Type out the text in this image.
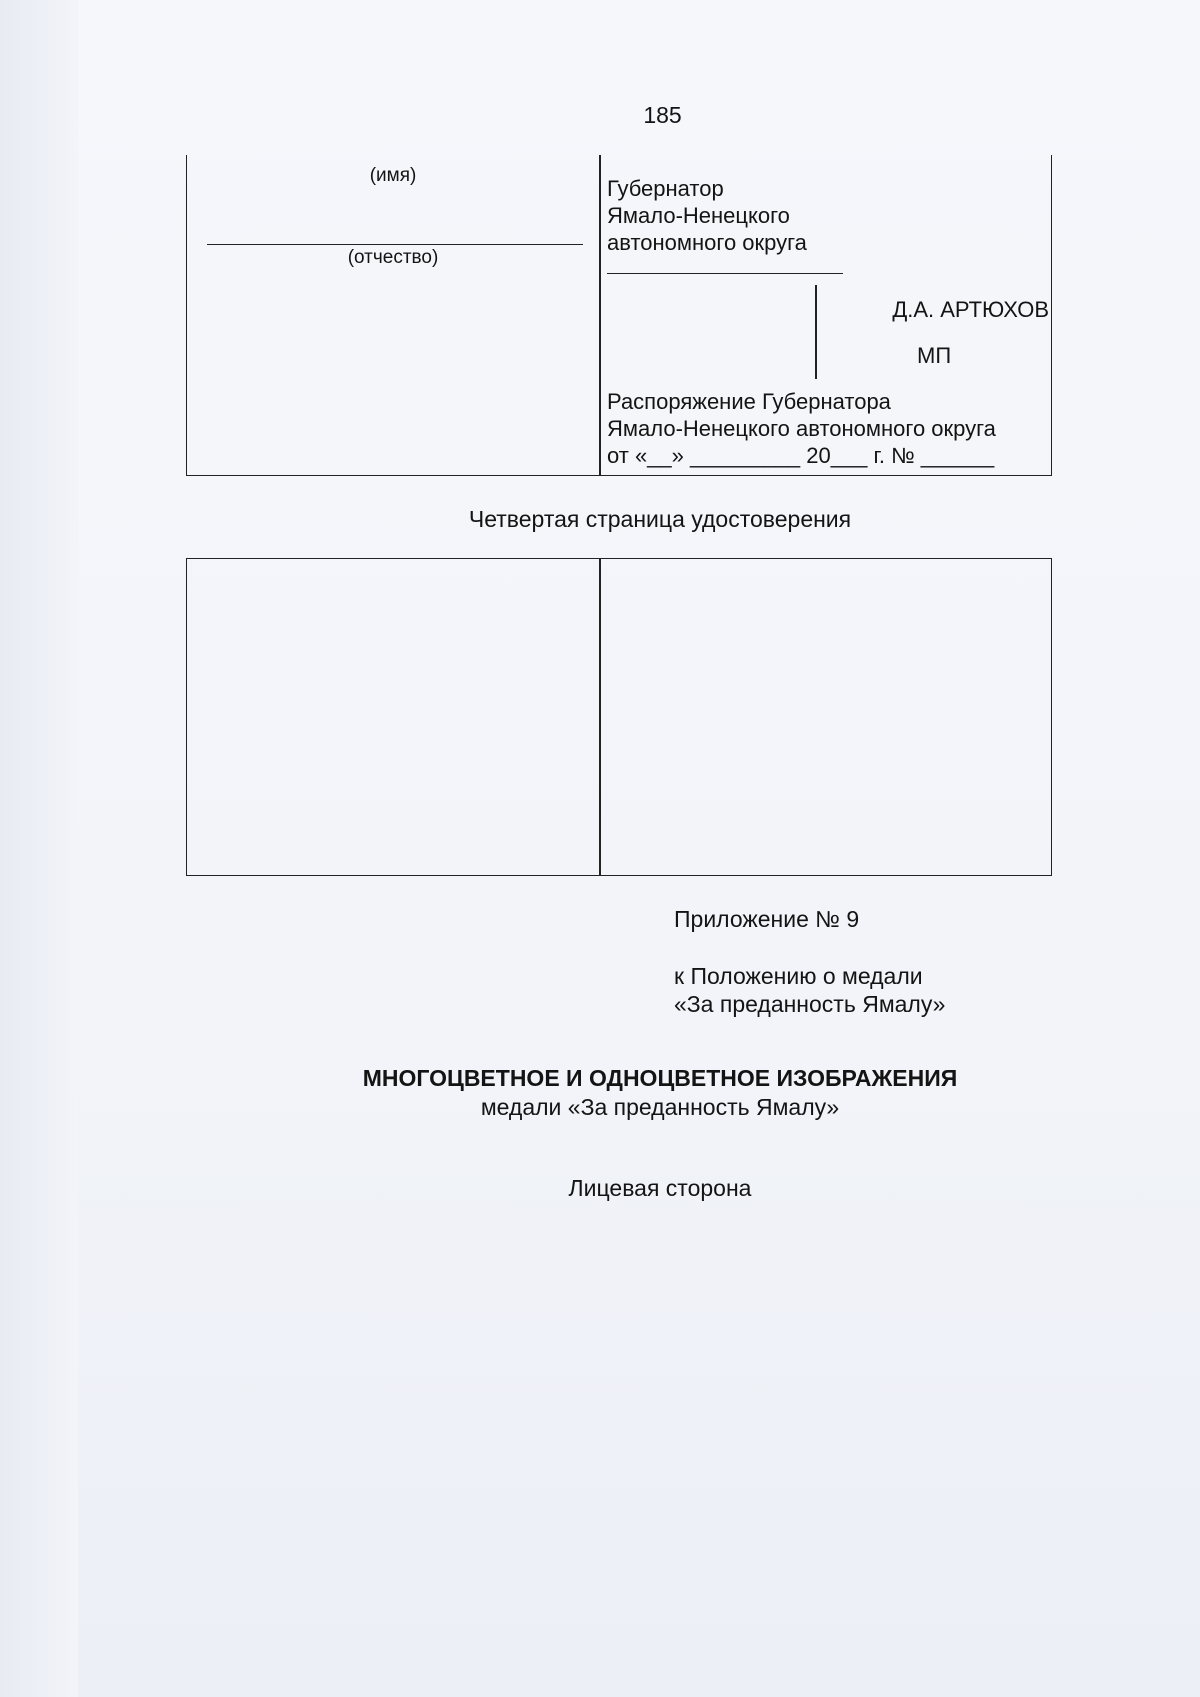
185
(имя)
(отчество)
Губернатор
Ямало-Ненецкого
автономного округа
Д.А. АРТЮХОВ
МП
Распоряжение Губернатора
Ямало-Ненецкого автономного округа
от «__» _________ 20___ г. № ______
Четвертая страница удостоверения
Приложение № 9
к Положению о медали
«За преданность Ямалу»
МНОГОЦВЕТНОЕ И ОДНОЦВЕТНОЕ ИЗОБРАЖЕНИЯ
медали «За преданность Ямалу»
Лицевая сторона
